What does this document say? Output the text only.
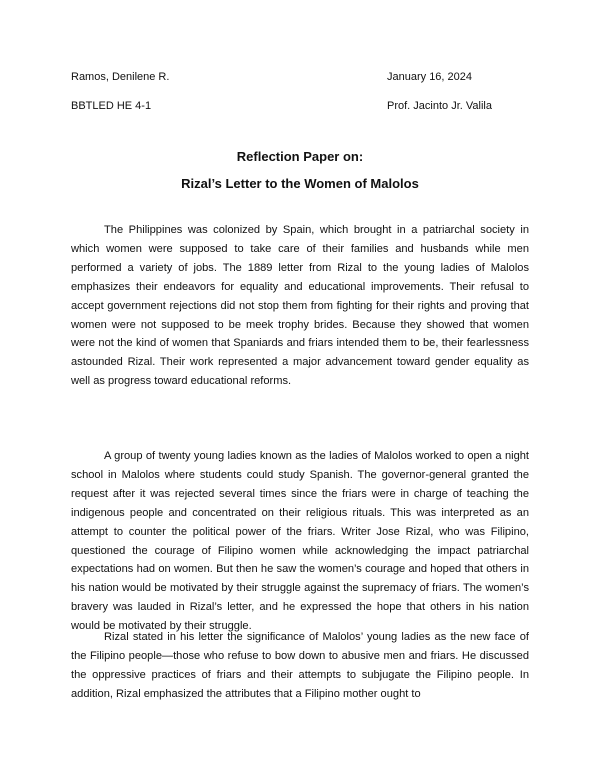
Ramos, Denilene R.	January 16, 2024
BBTLED HE 4-1	Prof. Jacinto Jr. Valila
Reflection Paper on:
Rizal’s Letter to the Women of Malolos

The Philippines was colonized by Spain, which brought in a patriarchal society in which women were supposed to take care of their families and husbands while men performed a variety of jobs. The 1889 letter from Rizal to the young ladies of Malolos emphasizes their endeavors for equality and educational improvements. Their refusal to accept government rejections did not stop them from fighting for their rights and proving that women were not supposed to be meek trophy brides. Because they showed that women were not the kind of women that Spaniards and friars intended them to be, their fearlessness astounded Rizal. Their work represented a major advancement toward gender equality as well as progress toward educational reforms.

A group of twenty young ladies known as the ladies of Malolos worked to open a night school in Malolos where students could study Spanish. The governor-general granted the request after it was rejected several times since the friars were in charge of teaching the indigenous people and concentrated on their religious rituals. This was interpreted as an attempt to counter the political power of the friars. Writer Jose Rizal, who was Filipino, questioned the courage of Filipino women while acknowledging the impact patriarchal expectations had on women. But then he saw the women’s courage and hoped that others in his nation would be motivated by their struggle against the supremacy of friars. The women’s bravery was lauded in Rizal’s letter, and he expressed the hope that others in his nation would be motivated by their struggle.

Rizal stated in his letter the significance of Malolos’ young ladies as the new face of the Filipino people—those who refuse to bow down to abusive men and friars. He discussed the oppressive practices of friars and their attempts to subjugate the Filipino people. In addition, Rizal emphasized the attributes that a Filipino mother ought to
